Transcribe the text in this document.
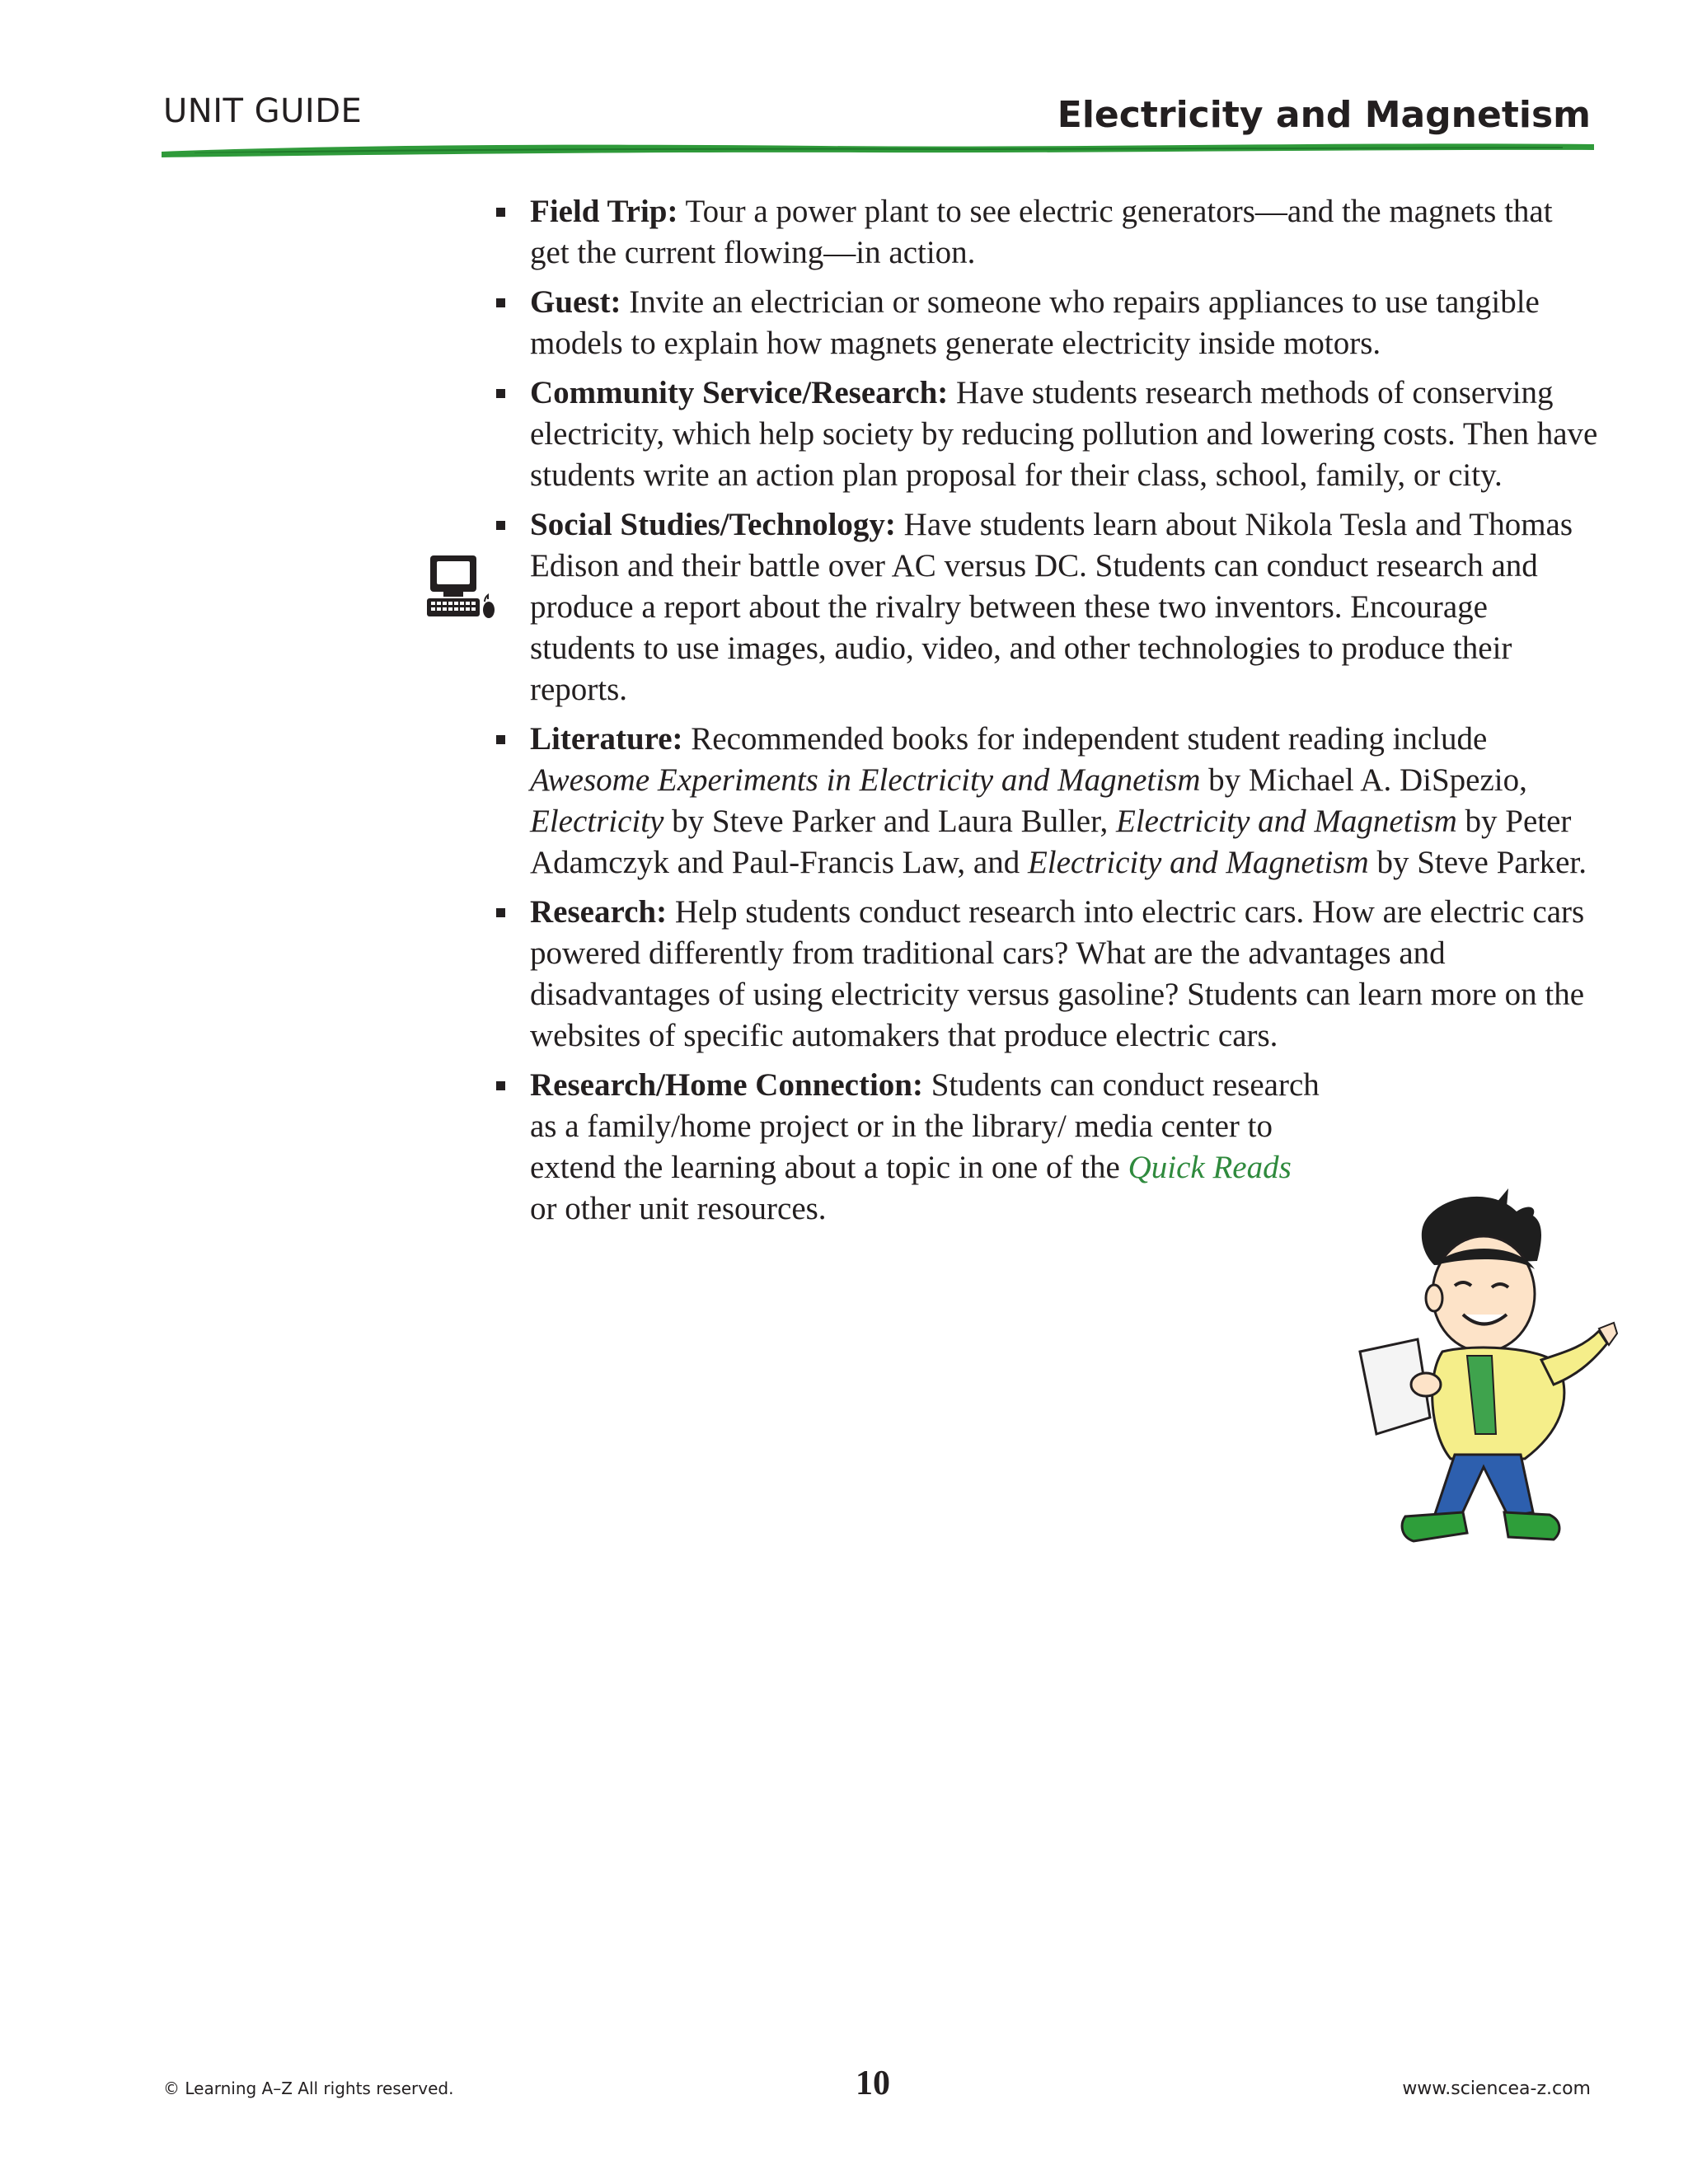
UNIT GUIDE	Electricity and Magnetism
Field Trip: Tour a power plant to see electric generators—and the magnets that get the current flowing—in action.
Guest: Invite an electrician or someone who repairs appliances to use tangible models to explain how magnets generate electricity inside motors.
Community Service/Research: Have students research methods of conserving electricity, which help society by reducing pollution and lowering costs. Then have students write an action plan proposal for their class, school, family, or city.
Social Studies/Technology: Have students learn about Nikola Tesla and Thomas Edison and their battle over AC versus DC. Students can conduct research and produce a report about the rivalry between these two inventors. Encourage students to use images, audio, video, and other technologies to produce their reports.
Literature: Recommended books for independent student reading include Awesome Experiments in Electricity and Magnetism by Michael A. DiSpezio, Electricity by Steve Parker and Laura Buller, Electricity and Magnetism by Peter Adamczyk and Paul-Francis Law, and Electricity and Magnetism by Steve Parker.
Research: Help students conduct research into electric cars. How are electric cars powered differently from traditional cars? What are the advantages and disadvantages of using electricity versus gasoline? Students can learn more on the websites of specific automakers that produce electric cars.
Research/Home Connection: Students can conduct research as a family/home project or in the library/ media center to extend the learning about a topic in one of the Quick Reads or other unit resources.
© Learning A–Z All rights reserved.	10	www.sciencea-z.com
